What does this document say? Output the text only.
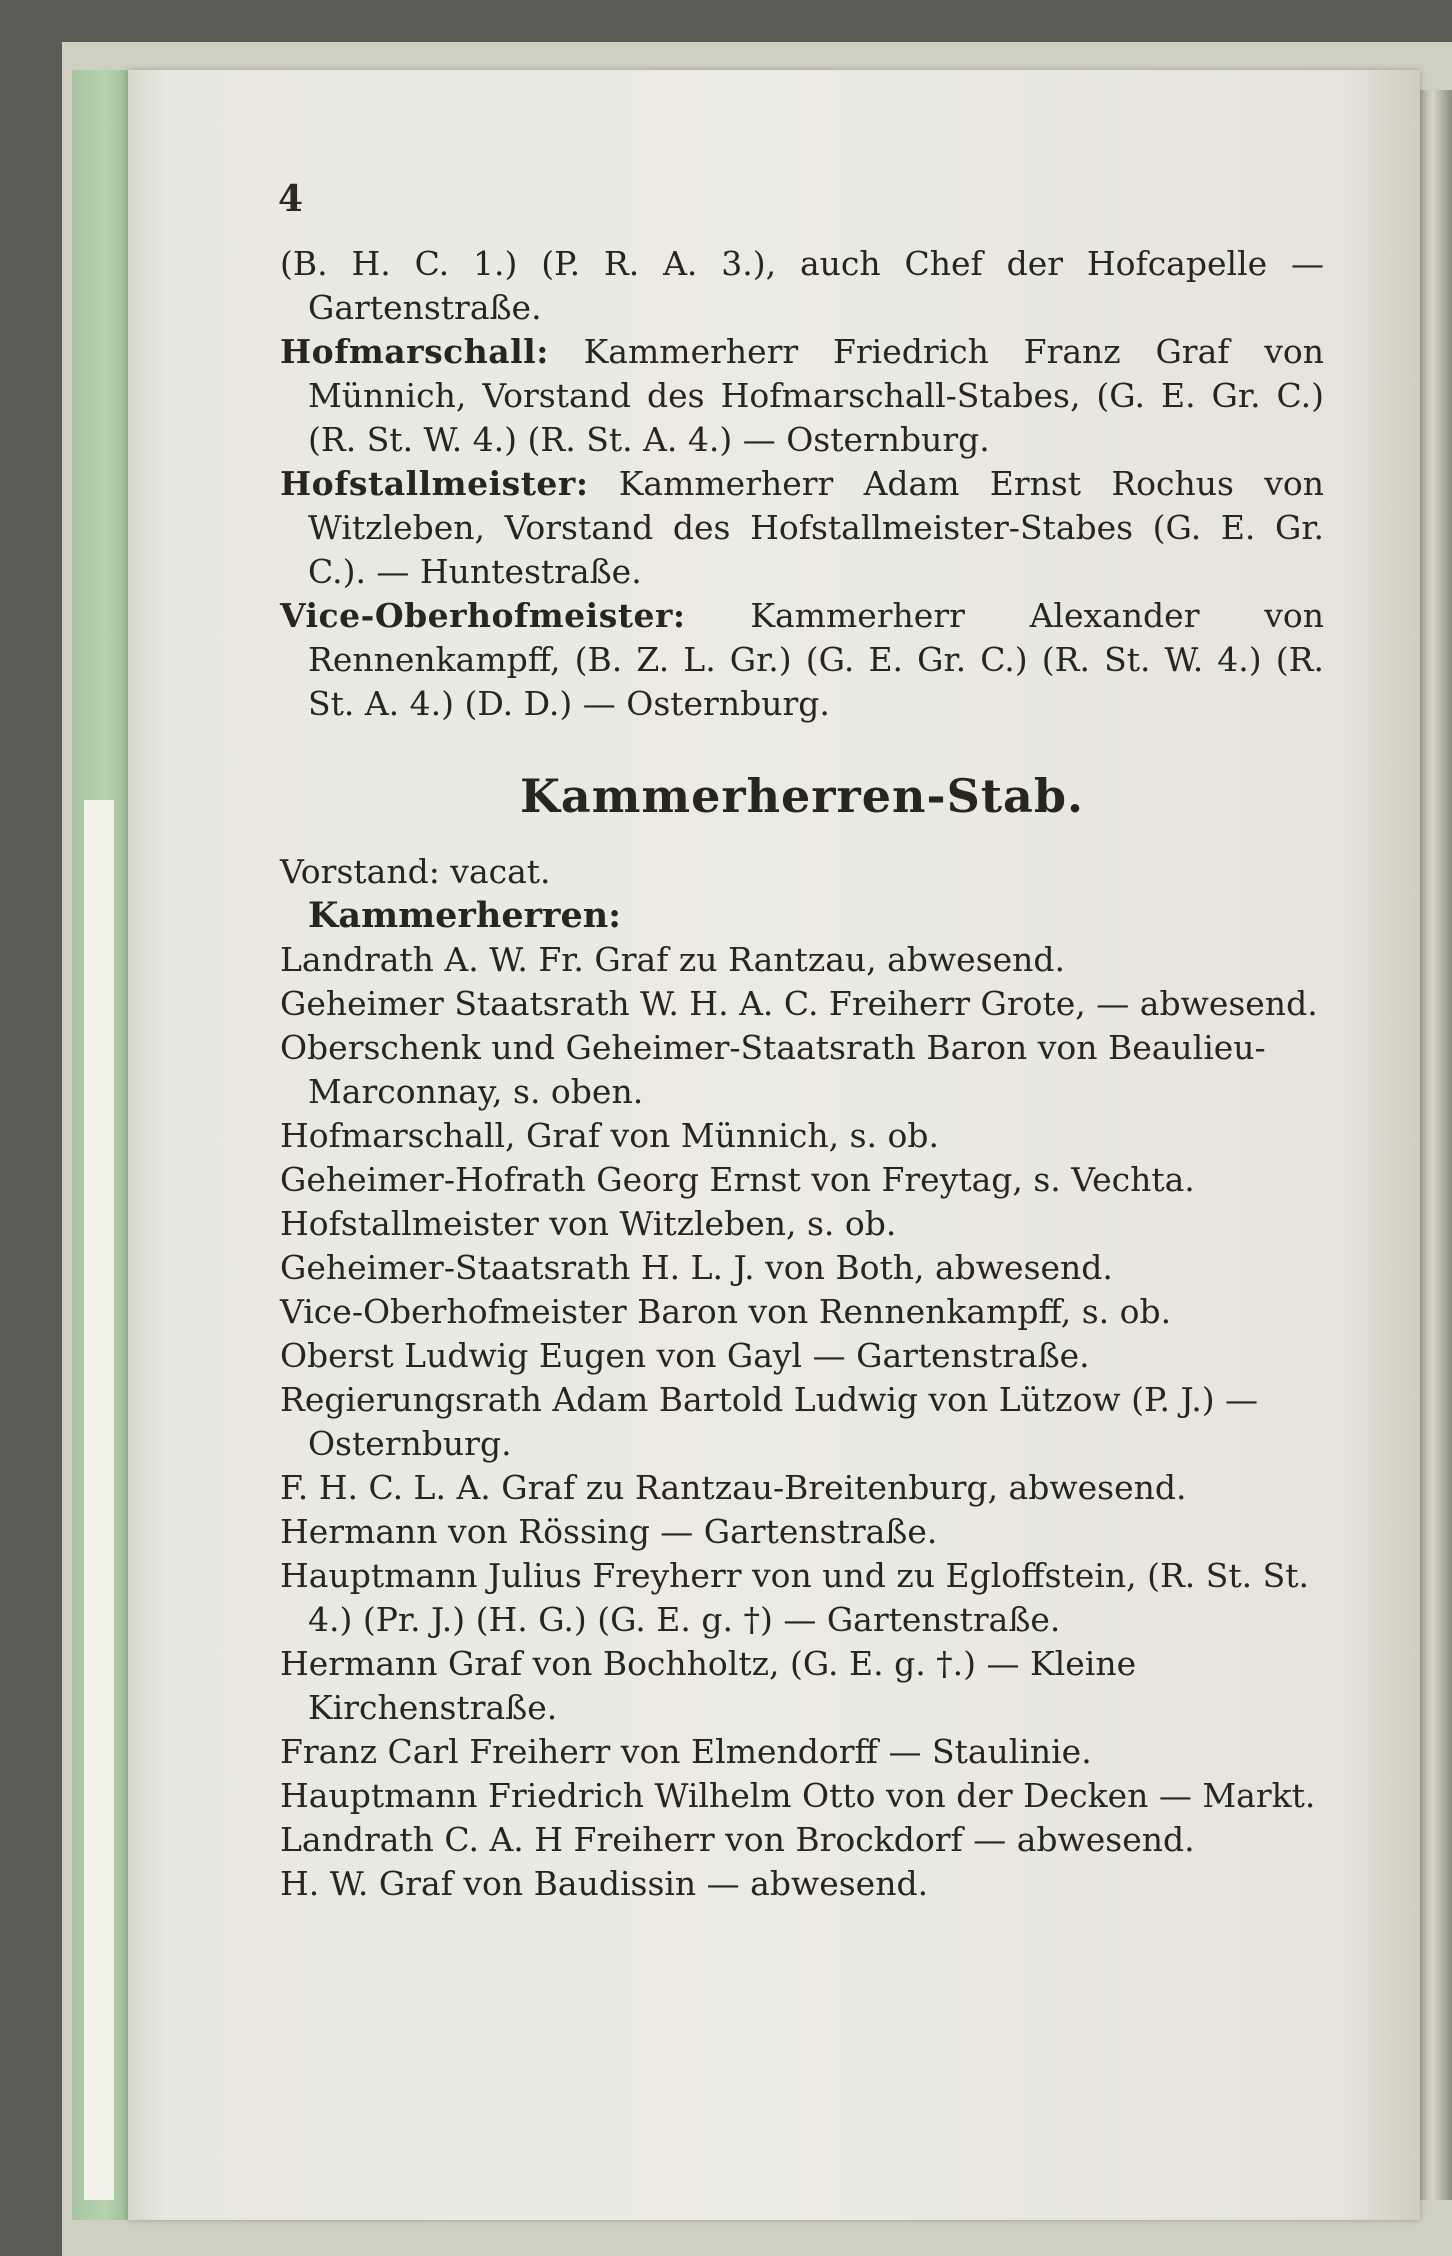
4

(B. H. C. 1.) (P. R. A. 3.), auch Chef der Hofcapelle — Gartenstraße.

Hofmarschall: Kammerherr Friedrich Franz Graf von Münnich, Vorstand des Hofmarschall-Stabes, (G. E. Gr. C.) (R. St. W. 4.) (R. St. A. 4.) — Osternburg.

Hofstallmeister: Kammerherr Adam Ernst Rochus von Witzleben, Vorstand des Hofstallmeister-Stabes (G. E. Gr. C.). — Huntestraße.

Vice-Oberhofmeister: Kammerherr Alexander von Rennenkampff, (B. Z. L. Gr.) (G. E. Gr. C.) (R. St. W. 4.) (R. St. A. 4.) (D. D.) — Osternburg.

Kammerherren-Stab.

Vorstand: vacat.

Kammerherren:

Landrath A. W. Fr. Graf zu Rantzau, abwesend.

Geheimer Staatsrath W. H. A. C. Freiherr Grote, — abwesend.

Oberschenk und Geheimer-Staatsrath Baron von Beaulieu-Marconnay, s. oben.

Hofmarschall, Graf von Münnich, s. ob.

Geheimer-Hofrath Georg Ernst von Freytag, s. Vechta.

Hofstallmeister von Witzleben, s. ob.

Geheimer-Staatsrath H. L. J. von Both, abwesend.

Vice-Oberhofmeister Baron von Rennenkampff, s. ob.

Oberst Ludwig Eugen von Gayl — Gartenstraße.

Regierungsrath Adam Bartold Ludwig von Lützow (P. J.) — Osternburg.

F. H. C. L. A. Graf zu Rantzau-Breitenburg, abwesend.

Hermann von Rössing — Gartenstraße.

Hauptmann Julius Freyherr von und zu Egloffstein, (R. St. St. 4.) (Pr. J.) (H. G.) (G. E. g. †) — Gartenstraße.

Hermann Graf von Bochholtz, (G. E. g. †.) — Kleine Kirchenstraße.

Franz Carl Freiherr von Elmendorff — Staulinie.

Hauptmann Friedrich Wilhelm Otto von der Decken — Markt.

Landrath C. A. H Freiherr von Brockdorf — abwesend.

H. W. Graf von Baudissin — abwesend.
